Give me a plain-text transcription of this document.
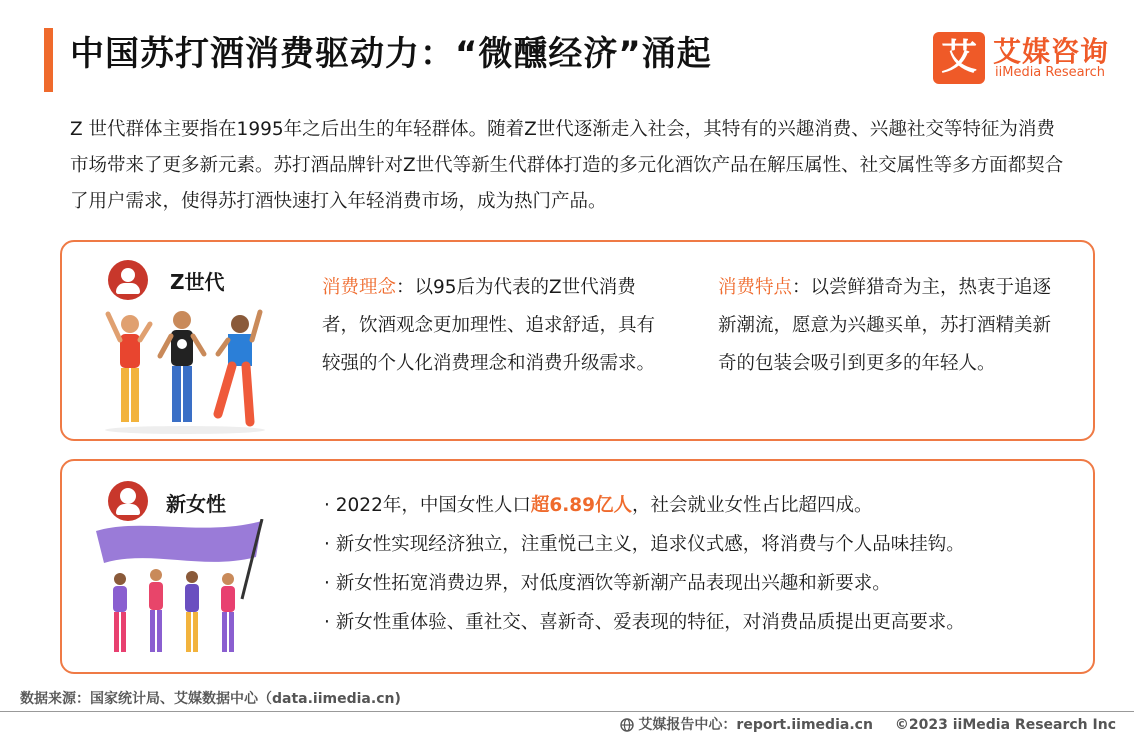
中国苏打酒消费驱动力：“微醺经济”涌起	艾 艾媒咨询
iiMedia Research

Z 世代群体主要指在1995年之后出生的年轻群体。随着Z世代逐渐走入社会，其特有的兴趣消费、兴趣社交等特征为消费市场带来了更多新元素。苏打酒品牌针对Z世代等新生代群体打造的多元化酒饮产品在解压属性、社交属性等多方面都契合了用户需求，使得苏打酒快速打入年轻消费市场，成为热门产品。

Z世代	消费理念：以95后为代表的Z世代消费者，饮酒观念更加理性、追求舒适，具有较强的个人化消费理念和消费升级需求。
消费特点：以尝鲜猎奇为主，热衷于追逐新潮流，愿意为兴趣买单，苏打酒精美新奇的包装会吸引到更多的年轻人。
新女性	· 2022年，中国女性人口超6.89亿人，社会就业女性占比超四成。
· 新女性实现经济独立，注重悦己主义，追求仪式感，将消费与个人品味挂钩。
· 新女性拓宽消费边界，对低度酒饮等新潮产品表现出兴趣和新要求。
· 新女性重体验、重社交、喜新奇、爱表现的特征，对消费品质提出更高要求。
数据来源：国家统计局、艾媒数据中心（data.iimedia.cn)
艾媒报告中心：report.iimedia.cn ©2023 iiMedia Research Inc
